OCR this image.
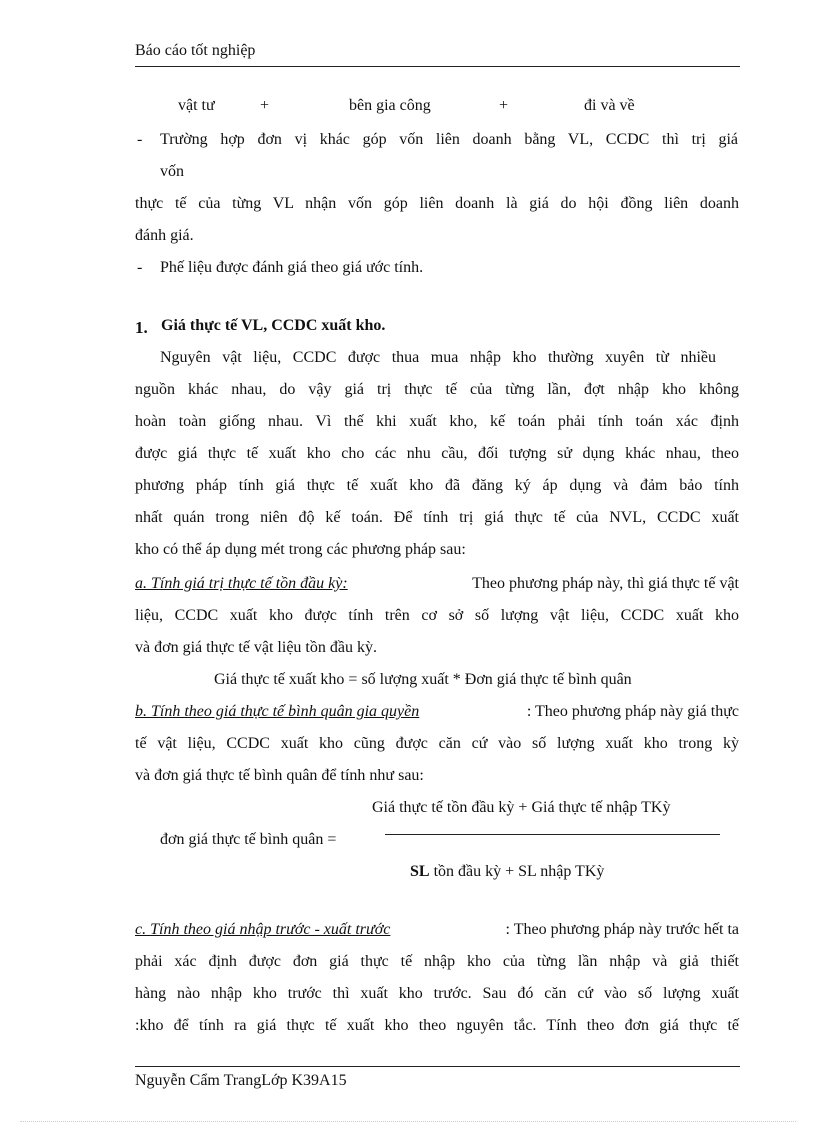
Báo cáo tốt nghiệp
vật tư	+	bên gia công	+	đi và về
- Trường hợp đơn vị khác góp vốn liên doanh bằng VL, CCDC thì trị giá
vốn
thực tế của từng VL nhận vốn góp liên doanh là giá do hội đồng liên doanh
đánh giá.
- Phế liệu được đánh giá theo giá ước tính.
1. Giá thực tế VL, CCDC xuất kho.
Nguyên vật liệu, CCDC được thua mua nhập kho thường xuyên từ nhiều
nguồn khác nhau, do vậy giá trị thực tế của từng lần, đợt nhập kho không
hoàn toàn giống nhau. Vì thế khi xuất kho, kế toán phải tính toán xác định
được giá thực tế xuất kho cho các nhu cầu, đối tượng sử dụng khác nhau, theo
phương pháp tính giá thực tế xuất kho đã đăng ký áp dụng và đảm bảo tính
nhất quán trong niên độ kế toán. Để tính trị giá thực tế của NVL, CCDC xuất
kho có thể áp dụng mét trong các phương pháp sau:
a. Tính giá trị thực tế tồn đầu kỳ:	Theo phương pháp này, thì giá thực tế vật
liệu, CCDC xuất kho được tính trên cơ sở số lượng vật liệu, CCDC xuất kho
và đơn giá thực tế vật liệu tồn đầu kỳ.
Giá thực tế xuất kho = số lượng xuất * Đơn giá thực tế bình quân
b. Tính theo giá thực tế bình quân gia quyền	: Theo phương pháp này giá thực
tế vật liệu, CCDC xuất kho cũng được căn cứ vào số lượng xuất kho trong kỳ
và đơn giá thực tế bình quân để tính như sau:
Giá thực tế tồn đầu kỳ + Giá thực tế nhập TKỳ
đơn giá thực tế bình quân =
SL tồn đầu kỳ + SL nhập TKỳ
c. Tính theo giá nhập trước - xuất trước	: Theo phương pháp này trước hết ta
phải xác định được đơn giá thực tế nhập kho của từng lần nhập và giả thiết
hàng nào nhập kho trước thì xuất kho trước. Sau đó căn cứ vào số lượng xuất
:kho để tính ra giá thực tế xuất kho theo nguyên tắc. Tính theo đơn giá thực tế
Nguyễn Cẩm TrangLớp K39A15
